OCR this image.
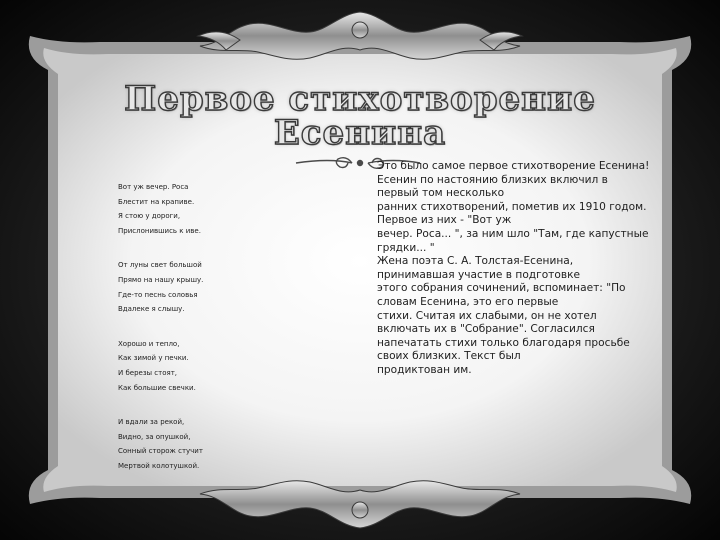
Первое стихотворение
Есенина
Вот уж вечер. Роса
Блестит на крапиве.
Я стою у дороги,
Прислонившись к иве.
От луны свет большой
Прямо на нашу крышу.
Где-то песнь соловья
Вдалеке я слышу.
Хорошо и тепло,
Как зимой у печки.
И березы стоят,
Как большие свечки.
И вдали за рекой,
Видно, за опушкой,
Сонный сторож стучит
Мертвой колотушкой.
Это было самое первое стихотворение Есенина!
Есенин по настоянию близких включил в
первый том несколько
ранних стихотворений, пометив их 1910 годом.
Первое из них - "Вот уж
вечер. Роса... ", за ним шло "Там, где капустные
грядки... "
Жена поэта С. А. Толстая-Есенина,
принимавшая участие в подготовке
этого собрания сочинений, вспоминает: "По
словам Есенина, это его первые
стихи. Считая их слабыми, он не хотел
включать их в "Собрание". Согласился
напечатать стихи только благодаря просьбе
своих близких. Текст был
продиктован им.
